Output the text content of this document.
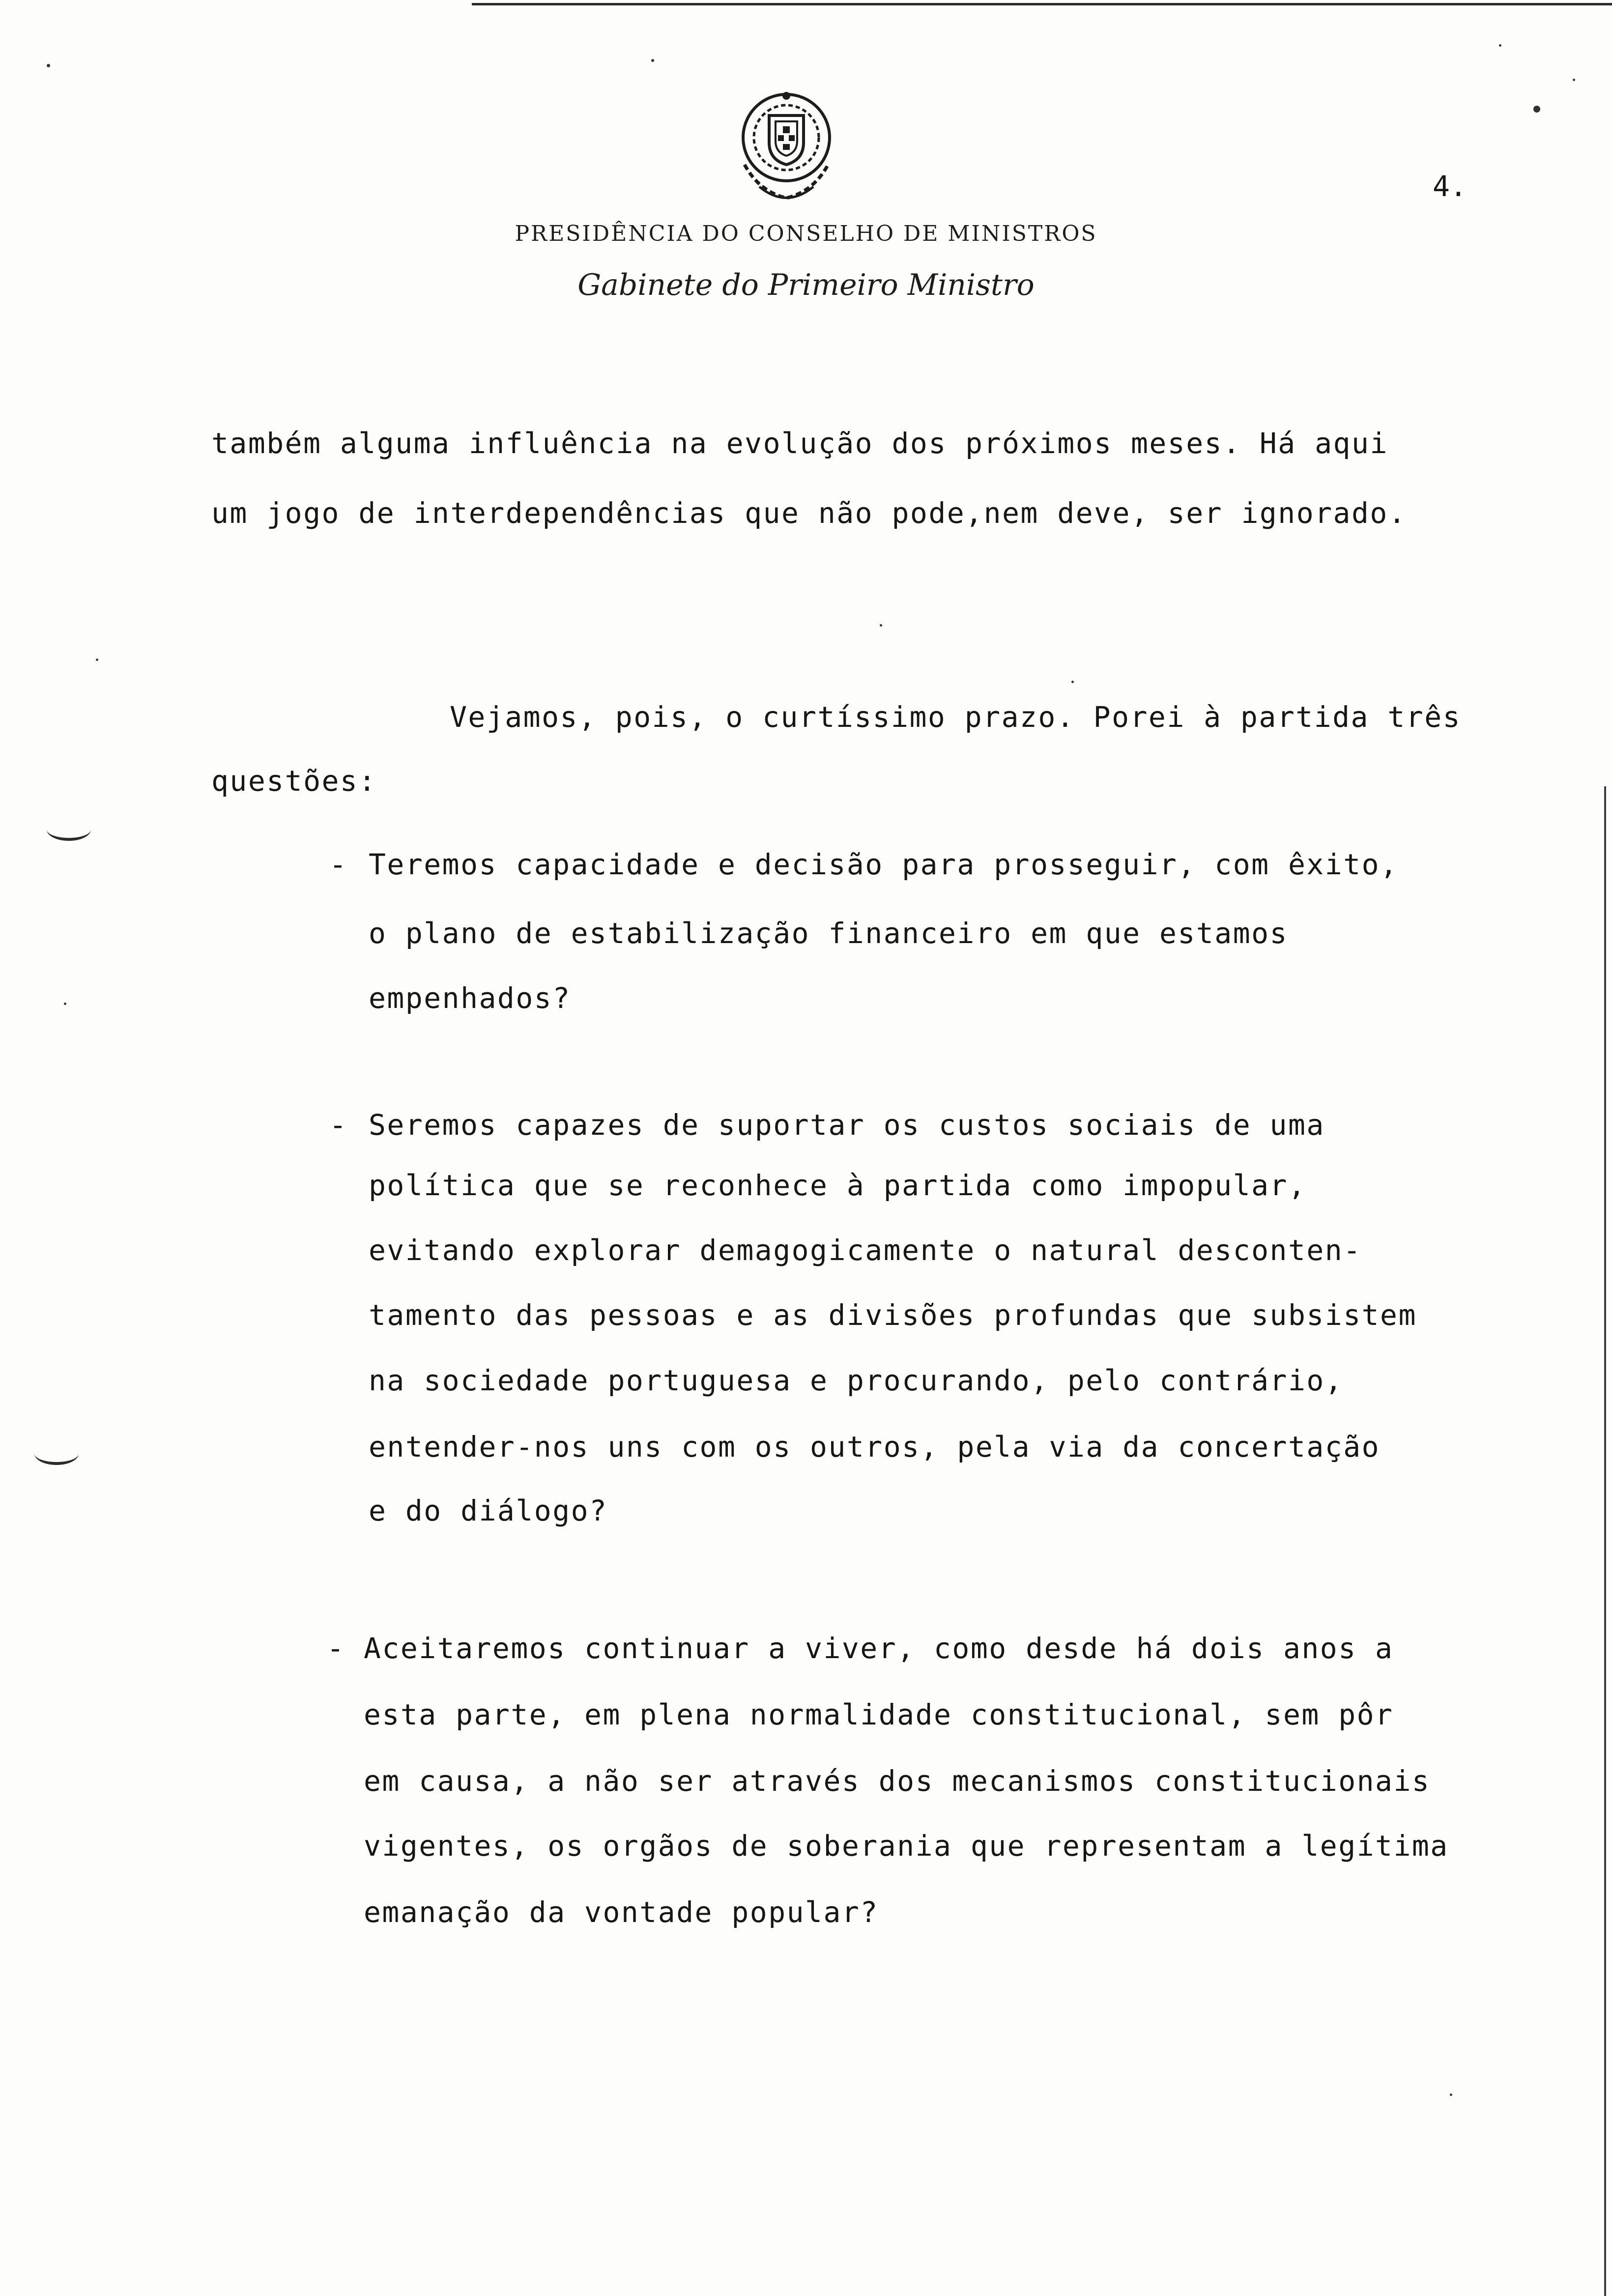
PRESIDÊNCIA DO CONSELHO DE MINISTROS

Gabinete do Primeiro Ministro

4.

também alguma influência na evolução dos próximos meses. Há aqui

um jogo de interdependências que não pode,nem deve, ser ignorado.

Vejamos, pois, o curtíssimo prazo. Porei à partida três

questões:

- Teremos capacidade e decisão para prosseguir, com êxito,

o plano de estabilização financeiro em que estamos

empenhados?

- Seremos capazes de suportar os custos sociais de uma

política que se reconhece à partida como impopular,

evitando explorar demagogicamente o natural desconten-

tamento das pessoas e as divisões profundas que subsistem

na sociedade portuguesa e procurando, pelo contrário,

entender-nos uns com os outros, pela via da concertação

e do diálogo?

- Aceitaremos continuar a viver, como desde há dois anos a

esta parte, em plena normalidade constitucional, sem pôr

em causa, a não ser através dos mecanismos constitucionais

vigentes, os orgãos de soberania que representam a legítima

emanação da vontade popular?
